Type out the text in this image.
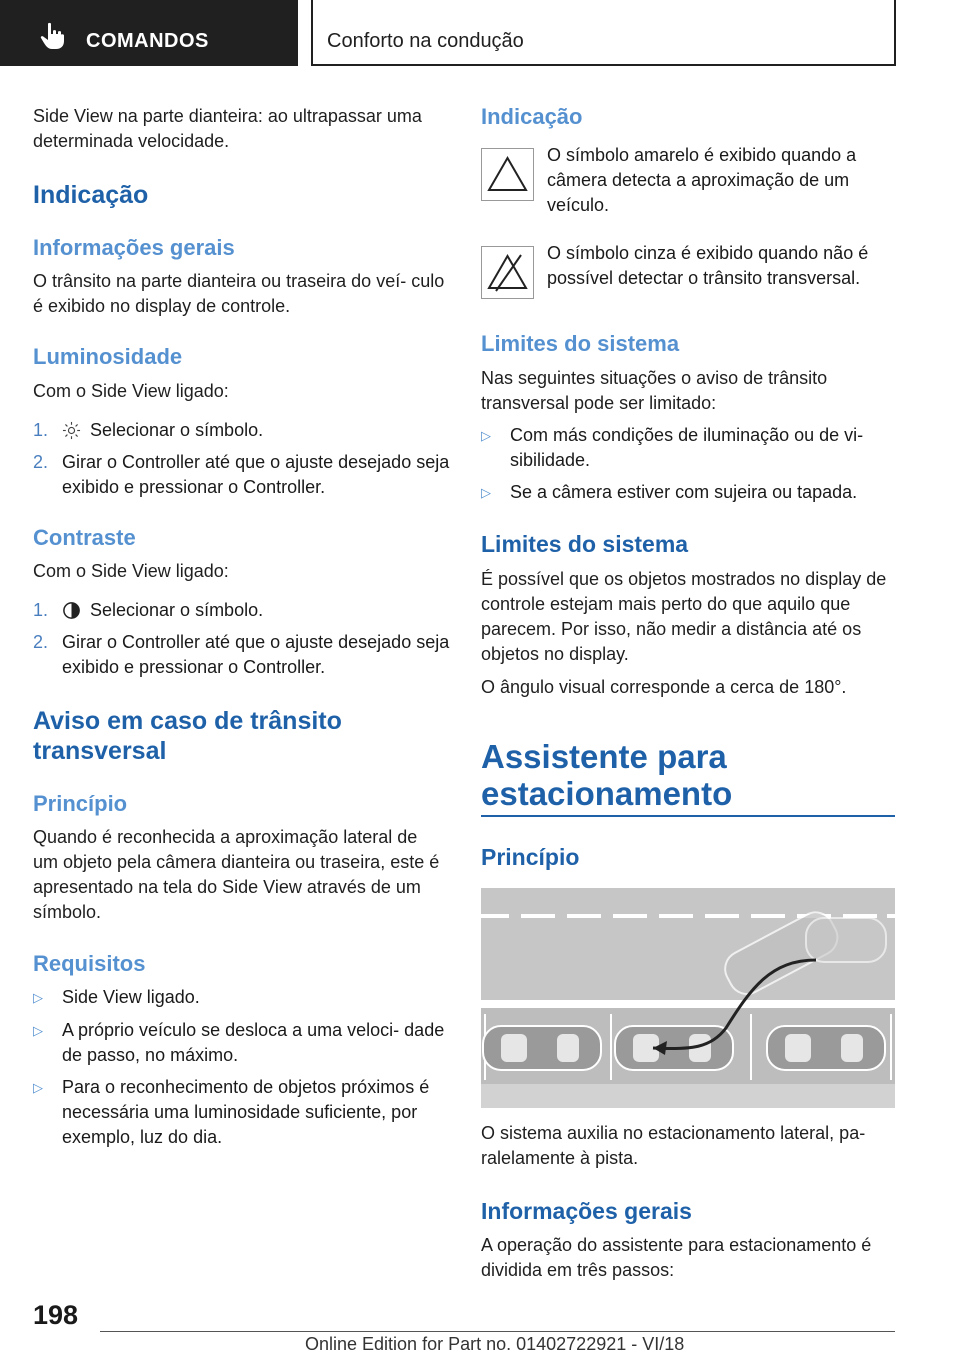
COMANDOS	Conforto na condução
Side View na parte dianteira: ao ultrapassar uma determinada velocidade.
Indicação
Informações gerais
O trânsito na parte dianteira ou traseira do veí- culo é exibido no display de controle.
Luminosidade
Com o Side View ligado:
1. Selecionar o símbolo.
2. Girar o Controller até que o ajuste desejado seja exibido e pressionar o Controller.
Contraste
Com o Side View ligado:
1. Selecionar o símbolo.
2. Girar o Controller até que o ajuste desejado seja exibido e pressionar o Controller.
Aviso em caso de trânsito
transversal
Princípio
Quando é reconhecida a aproximação lateral de um objeto pela câmera dianteira ou traseira, este é apresentado na tela do Side View através de um símbolo.
Requisitos
▷ Side View ligado.
▷ A próprio veículo se desloca a uma veloci- dade de passo, no máximo.
▷ Para o reconhecimento de objetos próximos é necessária uma luminosidade suficiente, por exemplo, luz do dia.
Indicação
O símbolo amarelo é exibido quando a câmera detecta a aproximação de um veículo.
O símbolo cinza é exibido quando não é possível detectar o trânsito transversal.
Limites do sistema
Nas seguintes situações o aviso de trânsito transversal pode ser limitado:
▷ Com más condições de iluminação ou de vi- sibilidade.
▷ Se a câmera estiver com sujeira ou tapada.
Limites do sistema
É possível que os objetos mostrados no display de controle estejam mais perto do que aquilo que parecem. Por isso, não medir a distância até os objetos no display.
O ângulo visual corresponde a cerca de 180°.
Assistente para
estacionamento
Princípio
O sistema auxilia no estacionamento lateral, pa- ralelamente à pista.
Informações gerais
A operação do assistente para estacionamento é dividida em três passos:
198
Online Edition for Part no. 01402722921 - VI/18
